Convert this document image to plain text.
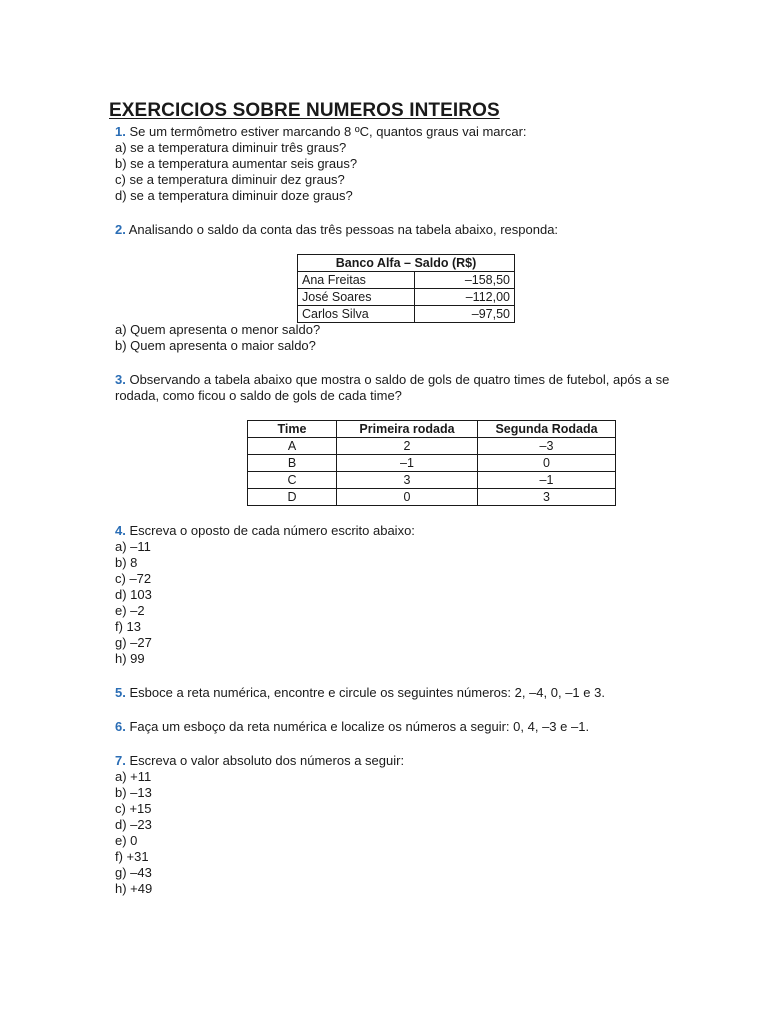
EXERCICIOS SOBRE NUMEROS INTEIROS
1. Se um termômetro estiver marcando 8 ºC, quantos graus vai marcar:
a) se a temperatura diminuir três graus?
b) se a temperatura aumentar seis graus?
c) se a temperatura diminuir dez graus?
d) se a temperatura diminuir doze graus?
2. Analisando o saldo da conta das três pessoas na tabela abaixo, responda:
Banco Alfa – Saldo (R$)	
Ana Freitas	–158,50
José Soares	–112,00
Carlos Silva	–97,50
a) Quem apresenta o menor saldo?
b) Quem apresenta o maior saldo?
3. Observando a tabela abaixo que mostra o saldo de gols de quatro times de futebol, após a se
rodada, como ficou o saldo de gols de cada time?
Time	Primeira rodada	Segunda Rodada
A	2	–3
B	–1	0
C	3	–1
D	0	3
4. Escreva o oposto de cada número escrito abaixo:
a) –11
b) 8
c) –72
d) 103
e) –2
f) 13
g) –27
h) 99
5. Esboce a reta numérica, encontre e circule os seguintes números: 2, –4, 0, –1 e 3.
6. Faça um esboço da reta numérica e localize os números a seguir: 0, 4, –3 e –1.
7. Escreva o valor absoluto dos números a seguir:
a) +11
b) –13
c) +15
d) –23
e) 0
f) +31
g) –43
h) +49
